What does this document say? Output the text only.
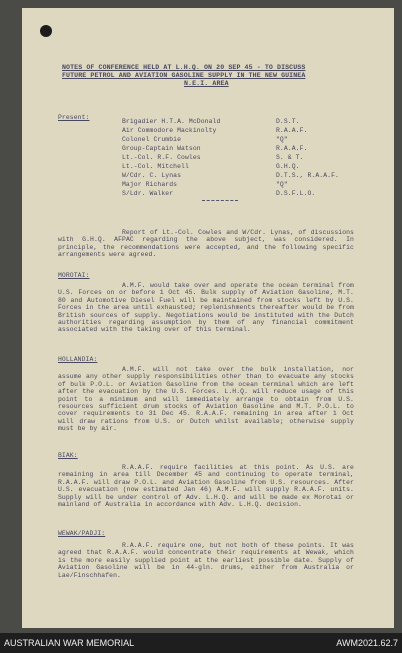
NOTES OF CONFERENCE HELD AT L.H.Q. ON 20 SEP 45 - TO DISCUSS
FUTURE PETROL AND AVIATION GASOLINE SUPPLY IN THE NEW GUINEA
N.E.I. AREA
Present:
Brigadier H.T.A. McDonald	D.S.T.
Air Commodore Mackinolty	R.A.A.F.
Colonel Crumbie	"Q"
Group-Captain Watson	R.A.A.F.
Lt.-Col. R.F. Cowles	S. & T.
Lt.-Col. Mitchell	G.H.Q.
W/Cdr. C. Lynas	D.T.S., R.A.A.F.
Major Richards	"Q"
S/Ldr. Walker	D.S.F.L.O.
Report of Lt.-Col. Cowles and W/Cdr. Lynas, of discussions with G.H.Q. AFPAC regarding the above subject, was considered. In principle, the recommendations were accepted, and the following specific arrangements were agreed.
MOROTAI:
A.M.F. would take over and operate the ocean terminal from U.S. Forces on or before 1 Oct 45. Bulk supply of Aviation Gasoline, M.T. 80 and Automotive Diesel Fuel will be maintained from stocks left by U.S. Forces in the area until exhausted; replenishments thereafter would be from British sources of supply. Negotiations would be instituted with the Dutch authorities regarding assumption by them of any financial commitment associated with the taking over of this terminal.
HOLLANDIA:
A.M.F. will not take over the bulk installation, nor assume any other supply responsibilities other than to evacuate any stocks of bulk P.O.L. or Aviation Gasoline from the ocean terminal which are left after the evacuation by the U.S. Forces. L.H.Q. will reduce usage of this point to a minimum and will immediately arrange to obtain from U.S. resources sufficient drum stocks of Aviation Gasoline and M.T. P.O.L. to cover requirements to 31 Dec 45. R.A.A.F. remaining in area after 1 Oct will draw rations from U.S. or Dutch whilst available; otherwise supply must be by air.
BIAK:
R.A.A.F. require facilities at this point. As U.S. are remaining in area till December 45 and continuing to operate terminal, R.A.A.F. will draw P.O.L. and Aviation Gasoline from U.S. resources. After U.S. evacuation (now estimated Jan 46) A.M.F. will supply R.A.A.F. units. Supply will be under control of Adv. L.H.Q. and will be made ex Morotai or mainland of Australia in accordance with Adv. L.H.Q. decision.
WEWAK/PADJI:
R.A.A.F. require one, but not both of these points. It was agreed that R.A.A.F. would concentrate their requirements at Wewak, which is the more easily supplied point at the earliest possible date. Supply of Aviation Gasoline will be in 44-gln. drums, either from Australia or Lae/Finschhafen.
AUSTRALIAN WAR MEMORIAL	AWM2021.62.7
